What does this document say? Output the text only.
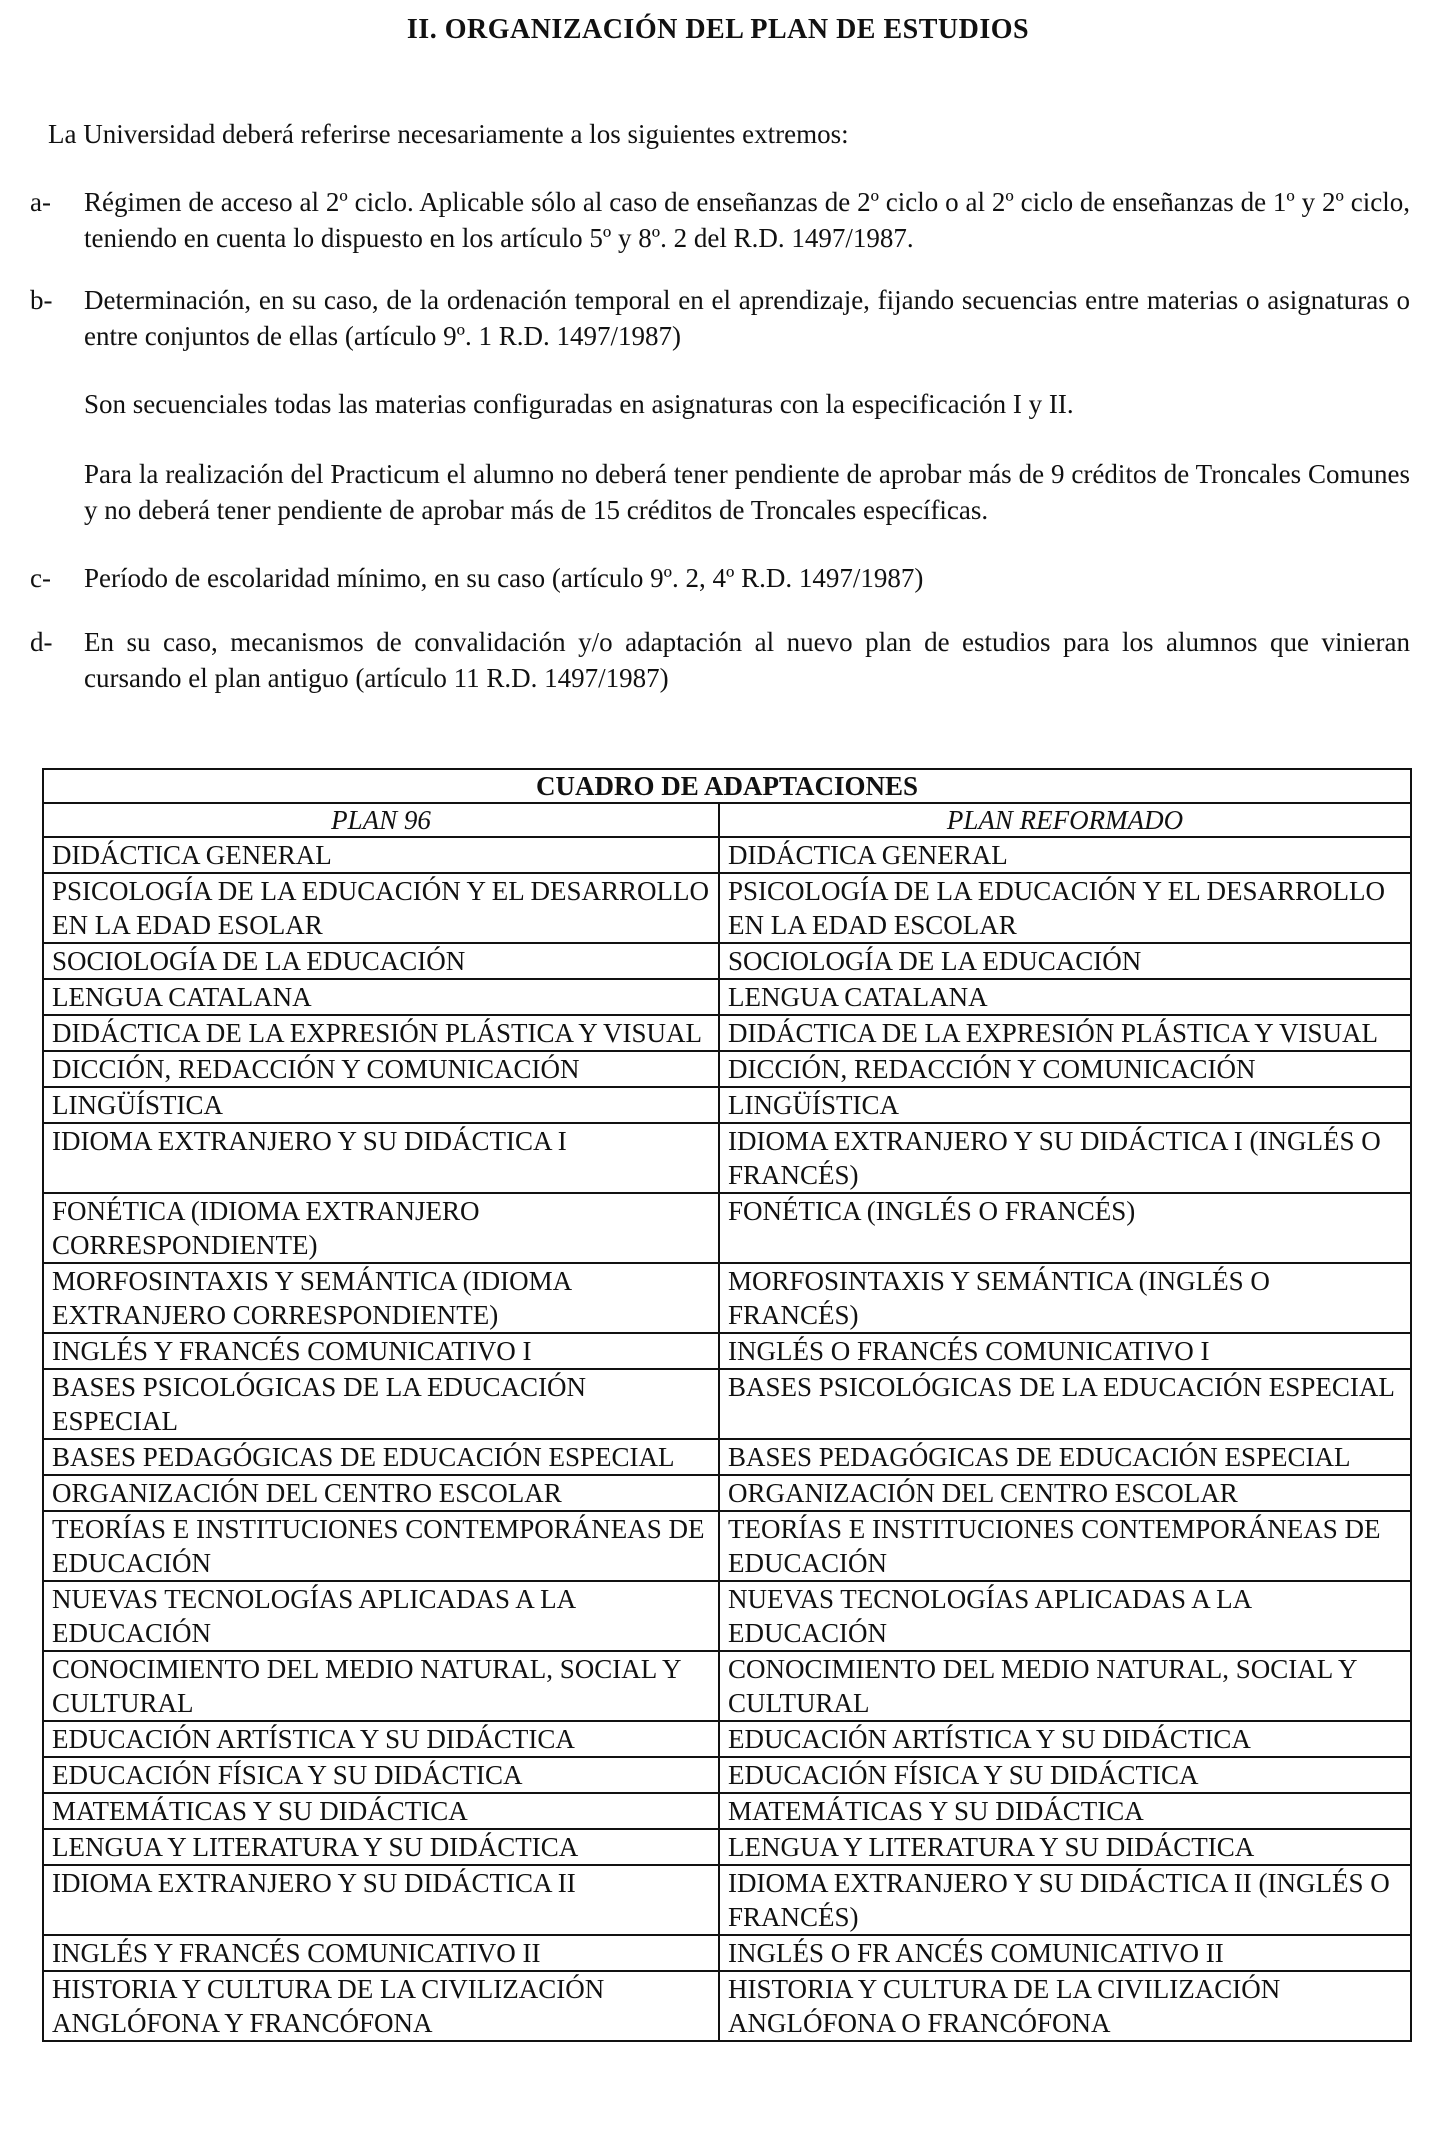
II. ORGANIZACIÓN DEL PLAN DE ESTUDIOS
La Universidad deberá referirse necesariamente a los siguientes extremos:
a-	Régimen de acceso al 2º ciclo. Aplicable sólo al caso de enseñanzas de 2º ciclo o al 2º ciclo de enseñanzas de 1º y 2º ciclo, teniendo en cuenta lo dispuesto en los artículo 5º y 8º. 2 del R.D. 1497/1987.
b-	Determinación, en su caso, de la ordenación temporal en el aprendizaje, fijando secuencias entre materias o asignaturas o entre conjuntos de ellas (artículo 9º. 1 R.D. 1497/1987)
Son secuenciales todas las materias configuradas en asignaturas con la especificación I y II.
Para la realización del Practicum el alumno no deberá tener pendiente de aprobar más de 9 créditos de Troncales Comunes y no deberá tener pendiente de aprobar más de 15 créditos de Troncales específicas.
c-	Período de escolaridad mínimo, en su caso (artículo 9º. 2, 4º R.D. 1497/1987)
d-	En su caso, mecanismos de convalidación y/o adaptación al nuevo plan de estudios para los alumnos que vinieran cursando el plan antiguo (artículo 11 R.D. 1497/1987)
CUADRO DE ADAPTACIONES	
PLAN 96	PLAN REFORMADO
DIDÁCTICA GENERAL	DIDÁCTICA GENERAL
PSICOLOGÍA DE LA EDUCACIÓN Y EL DESARROLLO EN LA EDAD ESOLAR	PSICOLOGÍA DE LA EDUCACIÓN Y EL DESARROLLO EN LA EDAD ESCOLAR
SOCIOLOGÍA DE LA EDUCACIÓN	SOCIOLOGÍA DE LA EDUCACIÓN
LENGUA CATALANA	LENGUA CATALANA
DIDÁCTICA DE LA EXPRESIÓN PLÁSTICA Y VISUAL	DIDÁCTICA DE LA EXPRESIÓN PLÁSTICA Y VISUAL
DICCIÓN, REDACCIÓN Y COMUNICACIÓN	DICCIÓN, REDACCIÓN Y COMUNICACIÓN
LINGÜÍSTICA	LINGÜÍSTICA
IDIOMA EXTRANJERO Y SU DIDÁCTICA I	IDIOMA EXTRANJERO Y SU DIDÁCTICA I (INGLÉS O FRANCÉS)
FONÉTICA (IDIOMA EXTRANJERO CORRESPONDIENTE)	FONÉTICA (INGLÉS O FRANCÉS)
MORFOSINTAXIS Y SEMÁNTICA (IDIOMA EXTRANJERO CORRESPONDIENTE)	MORFOSINTAXIS Y SEMÁNTICA (INGLÉS O FRANCÉS)
INGLÉS Y FRANCÉS COMUNICATIVO I	INGLÉS O FRANCÉS COMUNICATIVO I
BASES PSICOLÓGICAS DE LA EDUCACIÓN ESPECIAL	BASES PSICOLÓGICAS DE LA EDUCACIÓN ESPECIAL
BASES PEDAGÓGICAS DE EDUCACIÓN ESPECIAL	BASES PEDAGÓGICAS DE EDUCACIÓN ESPECIAL
ORGANIZACIÓN DEL CENTRO ESCOLAR	ORGANIZACIÓN DEL CENTRO ESCOLAR
TEORÍAS E INSTITUCIONES CONTEMPORÁNEAS DE EDUCACIÓN	TEORÍAS E INSTITUCIONES CONTEMPORÁNEAS DE EDUCACIÓN
NUEVAS TECNOLOGÍAS APLICADAS A LA EDUCACIÓN	NUEVAS TECNOLOGÍAS APLICADAS A LA EDUCACIÓN
CONOCIMIENTO DEL MEDIO NATURAL, SOCIAL Y CULTURAL	CONOCIMIENTO DEL MEDIO NATURAL, SOCIAL Y CULTURAL
EDUCACIÓN ARTÍSTICA Y SU DIDÁCTICA	EDUCACIÓN ARTÍSTICA Y SU DIDÁCTICA
EDUCACIÓN FÍSICA Y SU DIDÁCTICA	EDUCACIÓN FÍSICA Y SU DIDÁCTICA
MATEMÁTICAS Y SU DIDÁCTICA	MATEMÁTICAS Y SU DIDÁCTICA
LENGUA Y LITERATURA Y SU DIDÁCTICA	LENGUA Y LITERATURA Y SU DIDÁCTICA
IDIOMA EXTRANJERO Y SU DIDÁCTICA II	IDIOMA EXTRANJERO Y SU DIDÁCTICA II (INGLÉS O FRANCÉS)
INGLÉS Y FRANCÉS COMUNICATIVO II	INGLÉS O FR ANCÉS COMUNICATIVO II
HISTORIA Y CULTURA DE LA CIVILIZACIÓN ANGLÓFONA Y FRANCÓFONA	HISTORIA Y CULTURA DE LA CIVILIZACIÓN ANGLÓFONA O FRANCÓFONA
